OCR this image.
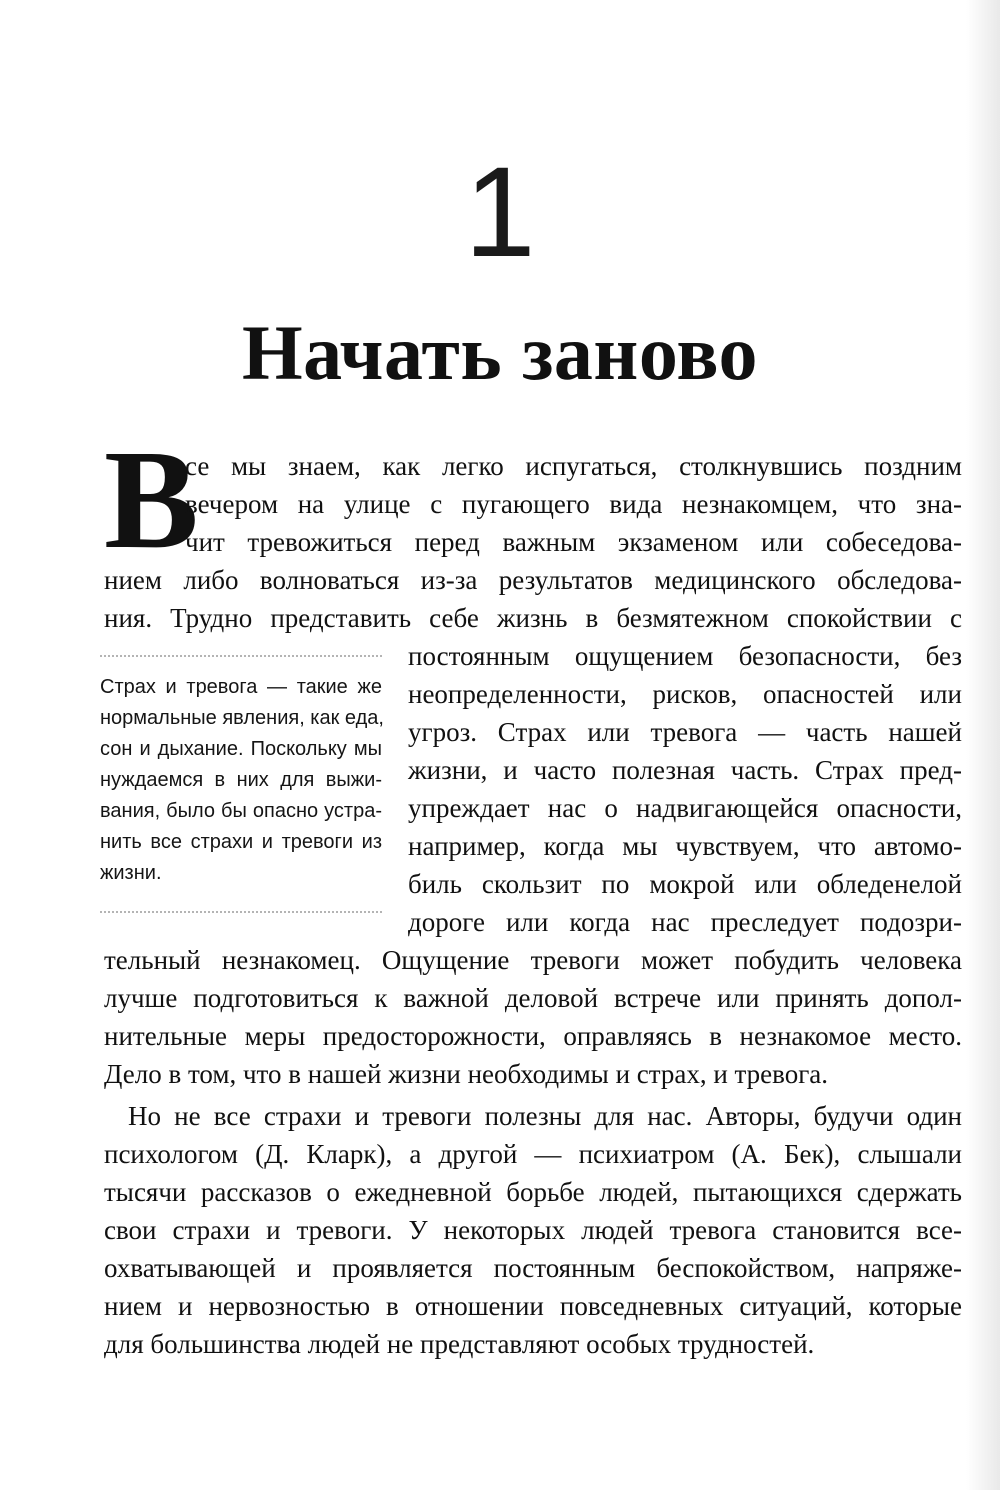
1
Начать заново
В
се мы знаем, как легко испугаться, столкнувшись поздним
вечером на улице с пугающего вида незнакомцем, что зна-
чит тревожиться перед важным экзаменом или собеседова-
нием либо волноваться из-за результатов медицинского обследова-
ния. Трудно представить себе жизнь в безмятежном спокойствии с
постоянным ощущением безопасности, без
неопределенности, рисков, опасностей или
угроз. Страх или тревога — часть нашей
жизни, и часто полезная часть. Страх пред-
упреждает нас о надвигающейся опасности,
например, когда мы чувствуем, что автомо-
биль скользит по мокрой или обледенелой
дороге или когда нас преследует подозри-
тельный незнакомец. Ощущение тревоги может побудить человека
лучше подготовиться к важной деловой встрече или принять допол-
нительные меры предосторожности, оправляясь в незнакомое место.
Дело в том, что в нашей жизни необходимы и страх, и тревога.
Но не все страхи и тревоги полезны для нас. Авторы, будучи один
психологом (Д. Кларк), а другой — психиатром (А. Бек), слышали
тысячи рассказов о ежедневной борьбе людей, пытающихся сдержать
свои страхи и тревоги. У некоторых людей тревога становится все-
охватывающей и проявляется постоянным беспокойством, напряже-
нием и нервозностью в отношении повседневных ситуаций, которые
для большинства людей не представляют особых трудностей.
Страх и тревога — такие же
нормальные явления, как еда,
сон и дыхание. Поскольку мы
нуждаемся в них для выжи-
вания, было бы опасно устра-
нить все страхи и тревоги из
жизни.
